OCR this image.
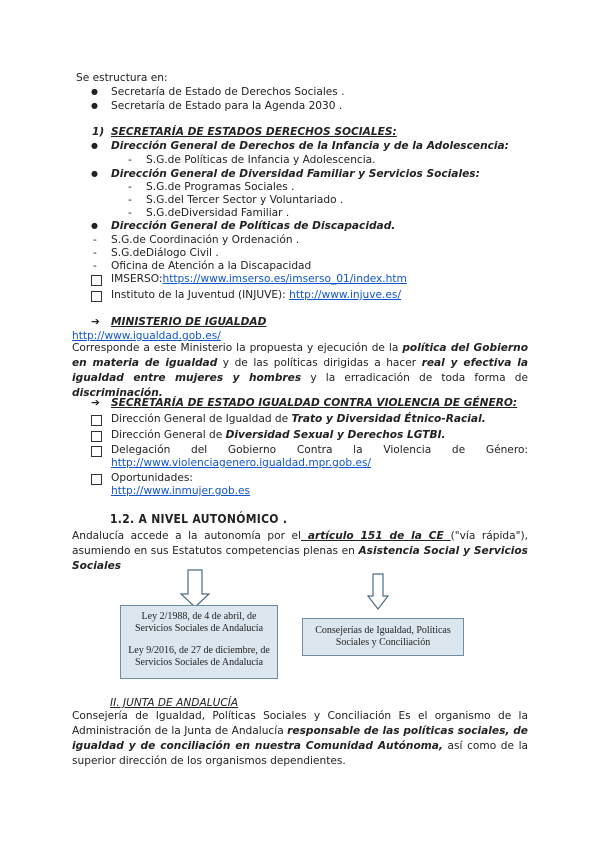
Se estructura en:
● Secretaría de Estado de Derechos Sociales .
● Secretaría de Estado para la Agenda 2030 .
1) SECRETARÍA DE ESTADOS DERECHOS SOCIALES:
● Dirección General de Derechos de la Infancia y de la Adolescencia:
- S.G.de Políticas de Infancia y Adolescencia.
● Dirección General de Diversidad Familiar y Servicios Sociales:
- S.G.de Programas Sociales .
- S.G.del Tercer Sector y Voluntariado .
- S.G.deDiversidad Familiar .
● Dirección General de Políticas de Discapacidad.
- S.G.de Coordinación y Ordenación .
- S.G.deDiálogo Civil .
- Oficina de Atención a la Discapacidad
IMSERSO:https://www.imserso.es/imserso_01/index.htm
Instituto de la Juventud (INJUVE): http://www.injuve.es/
➔ MINISTERIO DE IGUALDAD
http://www.igualdad.gob.es/
Corresponde a este Ministerio la propuesta y ejecución de la política del Gobierno en materia de igualdad y de las políticas dirigidas a hacer real y efectiva la igualdad entre mujeres y hombres y la erradicación de toda forma de discriminación.
➔ SECRETARÍA DE ESTADO IGUALDAD CONTRA VIOLENCIA DE GÉNERO:
Dirección General de Igualdad de Trato y Diversidad Étnico-Racial.
Dirección General de Diversidad Sexual y Derechos LGTBI.
Delegación del Gobierno Contra la Violencia de Género:
http://www.violenciagenero.igualdad.mpr.gob.es/
Oportunidades:
http://www.inmujer.gob.es
1.2. A NIVEL AUTONÓMICO .
Andalucía accede a la autonomía por el artículo 151 de la CE ("vía rápida"), asumiendo en sus Estatutos competencias plenas en Asistencia Social y Servicios Sociales
Ley 2/1988, de 4 de abril, de
Servicios Sociales de Andalucía
Ley 9/2016, de 27 de diciembre, de
Servicios Sociales de Andalucía
Consejerías de Igualdad, Políticas
Sociales y Conciliación
II. JUNTA DE ANDALUCÍA
Consejería de Igualdad, Políticas Sociales y Conciliación Es el organismo de la Administración de la Junta de Andalucía responsable de las políticas sociales, de igualdad y de conciliación en nuestra Comunidad Autónoma, así como de la superior dirección de los organismos dependientes.
